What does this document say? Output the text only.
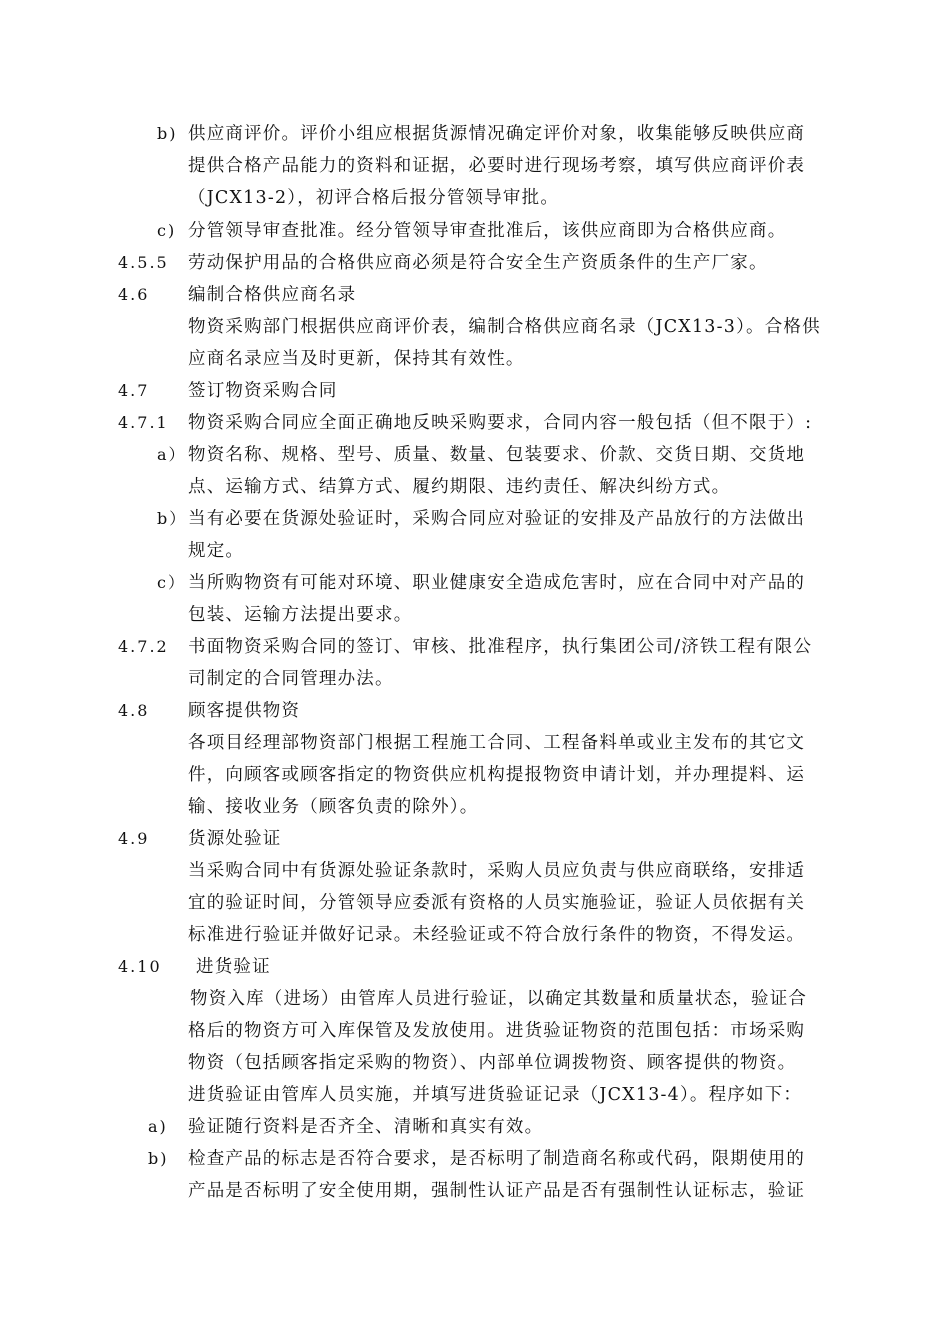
b) 供应商评价。评价小组应根据货源情况确定评价对象，收集能够反映供应商
提供合格产品能力的资料和证据，必要时进行现场考察，填写供应商评价表
（JCX13-2），初评合格后报分管领导审批。
c) 分管领导审查批准。经分管领导审查批准后，该供应商即为合格供应商。
4.5.5 劳动保护用品的合格供应商必须是符合安全生产资质条件的生产厂家。
4.6 编制合格供应商名录
物资采购部门根据供应商评价表，编制合格供应商名录（JCX13-3）。合格供
应商名录应当及时更新，保持其有效性。
4.7 签订物资采购合同
4.7.1 物资采购合同应全面正确地反映采购要求，合同内容一般包括（但不限于）:
a） 物资名称、规格、型号、质量、数量、包装要求、价款、交货日期、交货地
点、运输方式、结算方式、履约期限、违约责任、解决纠纷方式。
b） 当有必要在货源处验证时，采购合同应对验证的安排及产品放行的方法做出
规定。
c） 当所购物资有可能对环境、职业健康安全造成危害时，应在合同中对产品的
包装、运输方法提出要求。
4.7.2 书面物资采购合同的签订、审核、批准程序，执行集团公司/济铁工程有限公
司制定的合同管理办法。
4.8 顾客提供物资
各项目经理部物资部门根据工程施工合同、工程备料单或业主发布的其它文
件，向顾客或顾客指定的物资供应机构提报物资申请计划，并办理提料、运
输、接收业务（顾客负责的除外）。
4.9 货源处验证
当采购合同中有货源处验证条款时，采购人员应负责与供应商联络，安排适
宜的验证时间，分管领导应委派有资格的人员实施验证，验证人员依据有关
标准进行验证并做好记录。未经验证或不符合放行条件的物资，不得发运。
4.10 进货验证
物资入库（进场）由管库人员进行验证，以确定其数量和质量状态，验证合
格后的物资方可入库保管及发放使用。进货验证物资的范围包括：市场采购
物资（包括顾客指定采购的物资）、内部单位调拨物资、顾客提供的物资。
进货验证由管库人员实施，并填写进货验证记录（JCX13-4）。程序如下：
a) 验证随行资料是否齐全、清晰和真实有效。
b) 检查产品的标志是否符合要求，是否标明了制造商名称或代码，限期使用的
产品是否标明了安全使用期，强制性认证产品是否有强制性认证标志，验证
